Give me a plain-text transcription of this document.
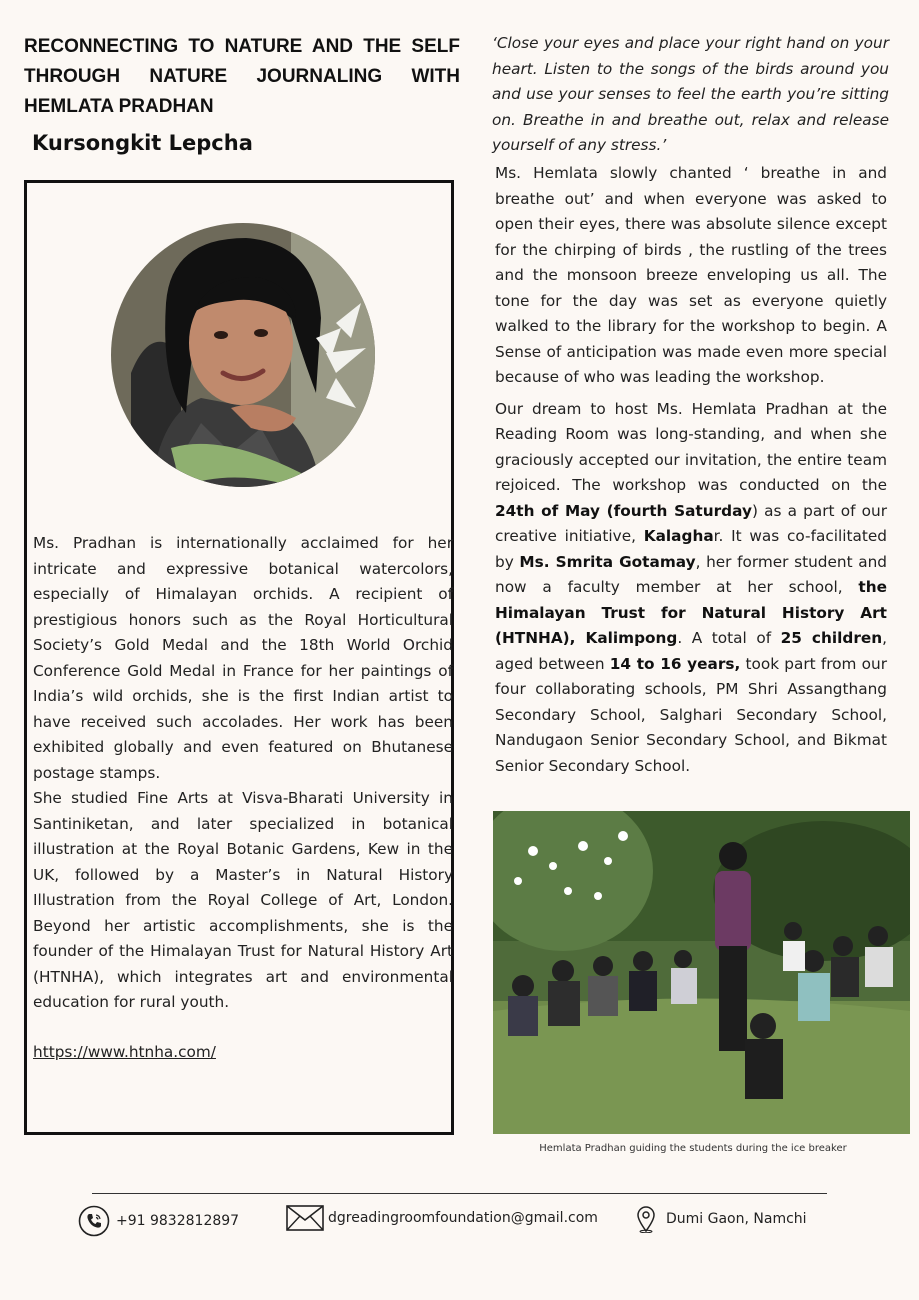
RECONNECTING TO NATURE AND THE SELF THROUGH NATURE JOURNALING WITH HEMLATA PRADHAN
Kursongkit Lepcha

Ms. Pradhan is internationally acclaimed for her intricate and expressive botanical watercolors, especially of Himalayan orchids. A recipient of prestigious honors such as the Royal Horticultural Society’s Gold Medal and the 18th World Orchid Conference Gold Medal in France for her paintings of India’s wild orchids, she is the first Indian artist to have received such accolades. Her work has been exhibited globally and even featured on Bhutanese postage stamps.

She studied Fine Arts at Visva-Bharati University in Santiniketan, and later specialized in botanical illustration at the Royal Botanic Gardens, Kew in the UK, followed by a Master’s in Natural History Illustration from the Royal College of Art, London. Beyond her artistic accomplishments, she is the founder of the Himalayan Trust for Natural History Art (HTNHA), which integrates art and environmental education for rural youth.

https://www.htnha.com/

‘Close your eyes and place your right hand on your heart. Listen to the songs of the birds around you and use your senses to feel the earth you’re sitting on. Breathe in and breathe out, relax and release yourself of any stress.’

Ms. Hemlata slowly chanted ‘ breathe in and breathe out’ and when everyone was asked to open their eyes, there was absolute silence except for the chirping of birds , the rustling of the trees and the monsoon breeze enveloping us all. The tone for the day was set as everyone quietly walked to the library for the workshop to begin. A Sense of anticipation was made even more special because of who was leading the workshop.

Our dream to host Ms. Hemlata Pradhan at the Reading Room was long-standing, and when she graciously accepted our invitation, the entire team rejoiced. The workshop was conducted on the 24th of May (fourth Saturday) as a part of our creative initiative, Kalaghar. It was co-facilitated by Ms. Smrita Gotamay, her former student and now a faculty member at her school, the Himalayan Trust for Natural History Art (HTNHA), Kalimpong. A total of 25 children, aged between 14 to 16 years, took part from our four collaborating schools, PM Shri Assangthang Secondary School, Salghari Secondary School, Nandugaon Senior Secondary School, and Bikmat Senior Secondary School.

Hemlata Pradhan guiding the students during the ice breaker
+91 9832812897	dgreadingroomfoundation@gmail.com	Dumi Gaon, Namchi
